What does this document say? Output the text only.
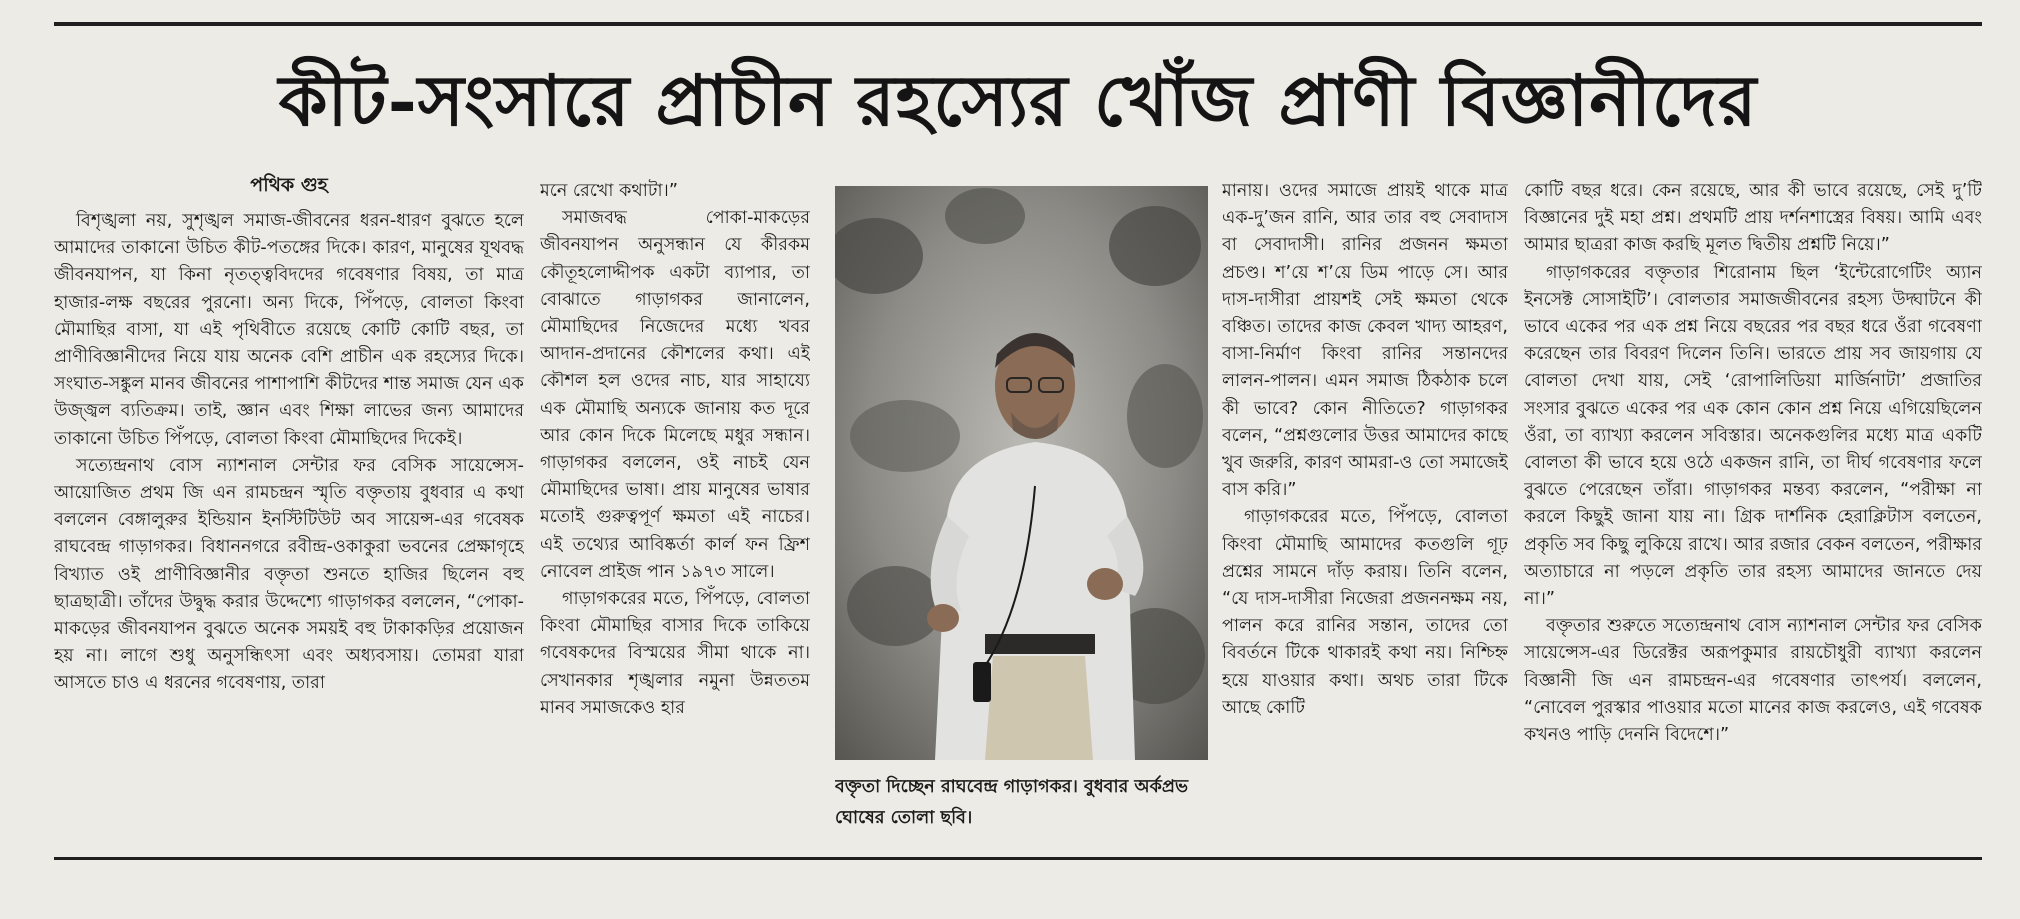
কীট-সংসারে প্রাচীন রহস্যের খোঁজ প্রাণী বিজ্ঞানীদের
পথিক গুহ

বিশৃঙ্খলা নয়, সুশৃঙ্খল সমাজ-জীবনের ধরন-ধারণ বুঝতে হলে আমাদের তাকানো উচিত কীট-পতঙ্গের দিকে। কারণ, মানুষের যূথবদ্ধ জীবনযাপন, যা কিনা নৃতত্ত্ববিদদের গবেষণার বিষয়, তা মাত্র হাজার-লক্ষ বছরের পুরনো। অন্য দিকে, পিঁপড়ে, বোলতা কিংবা মৌমাছির বাসা, যা এই পৃথিবীতে রয়েছে কোটি কোটি বছর, তা প্রাণীবিজ্ঞানীদের নিয়ে যায় অনেক বেশি প্রাচীন এক রহস্যের দিকে। সংঘাত-সঙ্কুল মানব জীবনের পাশাপাশি কীটদের শান্ত সমাজ যেন এক উজ্জ্বল ব্যতিক্রম। তাই, জ্ঞান এবং শিক্ষা লাভের জন্য আমাদের তাকানো উচিত পিঁপড়ে, বোলতা কিংবা মৌমাছিদের দিকেই।

সত্যেন্দ্রনাথ বোস ন্যাশনাল সেন্টার ফর বেসিক সায়েন্সেস-আয়োজিত প্রথম জি এন রামচন্দ্রন স্মৃতি বক্তৃতায় বুধবার এ কথা বললেন বেঙ্গালুরুর ইন্ডিয়ান ইনস্টিটিউট অব সায়েন্স-এর গবেষক রাঘবেন্দ্র গাড়াগকর। বিধাননগরে রবীন্দ্র-ওকাকুরা ভবনের প্রেক্ষাগৃহে বিখ্যাত ওই প্রাণীবিজ্ঞানীর বক্তৃতা শুনতে হাজির ছিলেন বহু ছাত্রছাত্রী। তাঁদের উদ্বুদ্ধ করার উদ্দেশ্যে গাড়াগকর বললেন, “পোকা-মাকড়ের জীবনযাপন বুঝতে অনেক সময়ই বহু টাকাকড়ির প্রয়োজন হয় না। লাগে শুধু অনুসন্ধিৎসা এবং অধ্যবসায়। তোমরা যারা আসতে চাও এ ধরনের গবেষণায়, তারা

মনে রেখো কথাটা।”

সমাজবদ্ধ পোকা-মাকড়ের জীবনযাপন অনুসন্ধান যে কীরকম কৌতূহলোদ্দীপক একটা ব্যাপার, তা বোঝাতে গাড়াগকর জানালেন, মৌমাছিদের নিজেদের মধ্যে খবর আদান-প্রদানের কৌশলের কথা। এই কৌশল হল ওদের নাচ, যার সাহায্যে এক মৌমাছি অন্যকে জানায় কত দূরে আর কোন দিকে মিলেছে মধুর সন্ধান। গাড়াগকর বললেন, ওই নাচই যেন মৌমাছিদের ভাষা। প্রায় মানুষের ভাষার মতোই গুরুত্বপূর্ণ ক্ষমতা এই নাচের। এই তথ্যের আবিষ্কর্তা কার্ল ফন ফ্রিশ নোবেল প্রাইজ পান ১৯৭৩ সালে।

গাড়াগকরের মতে, পিঁপড়ে, বোলতা কিংবা মৌমাছির বাসার দিকে তাকিয়ে গবেষকদের বিস্ময়ের সীমা থাকে না। সেখানকার শৃঙ্খলার নমুনা উন্নততম মানব সমাজকেও হার

বক্তৃতা দিচ্ছেন রাঘবেন্দ্র গাড়াগকর। বুধবার অর্কপ্রভ ঘোষের তোলা ছবি।

মানায়। ওদের সমাজে প্রায়ই থাকে মাত্র এক-দু’জন রানি, আর তার বহু সেবাদাস বা সেবাদাসী। রানির প্রজনন ক্ষমতা প্রচণ্ড। শ’য়ে শ’য়ে ডিম পাড়ে সে। আর দাস-দাসীরা প্রায়শই সেই ক্ষমতা থেকে বঞ্চিত। তাদের কাজ কেবল খাদ্য আহরণ, বাসা-নির্মাণ কিংবা রানির সন্তানদের লালন-পালন। এমন সমাজ ঠিকঠাক চলে কী ভাবে? কোন নীতিতে? গাড়াগকর বলেন, “প্রশ্নগুলোর উত্তর আমাদের কাছে খুব জরুরি, কারণ আমরা-ও তো সমাজেই বাস করি।”

গাড়াগকরের মতে, পিঁপড়ে, বোলতা কিংবা মৌমাছি আমাদের কতগুলি গূঢ় প্রশ্নের সামনে দাঁড় করায়। তিনি বলেন, “যে দাস-দাসীরা নিজেরা প্রজননক্ষম নয়, পালন করে রানির সন্তান, তাদের তো বিবর্তনে টিকে থাকারই কথা নয়। নিশ্চিহ্ন হয়ে যাওয়ার কথা। অথচ তারা টিকে আছে কোটি

কোটি বছর ধরে। কেন রয়েছে, আর কী ভাবে রয়েছে, সেই দু’টি বিজ্ঞানের দুই মহা প্রশ্ন। প্রথমটি প্রায় দর্শনশাস্ত্রের বিষয়। আমি এবং আমার ছাত্ররা কাজ করছি মূলত দ্বিতীয় প্রশ্নটি নিয়ে।”

গাড়াগকরের বক্তৃতার শিরোনাম ছিল ‘ইন্টেরোগেটিং অ্যান ইনসেক্ট সোসাইটি’। বোলতার সমাজজীবনের রহস্য উদ্ঘাটনে কী ভাবে একের পর এক প্রশ্ন নিয়ে বছরের পর বছর ধরে ওঁরা গবেষণা করেছেন তার বিবরণ দিলেন তিনি। ভারতে প্রায় সব জায়গায় যে বোলতা দেখা যায়, সেই ‘রোপালিডিয়া মার্জিনাটা’ প্রজাতির সংসার বুঝতে একের পর এক কোন কোন প্রশ্ন নিয়ে এগিয়েছিলেন ওঁরা, তা ব্যাখ্যা করলেন সবিস্তার। অনেকগুলির মধ্যে মাত্র একটি বোলতা কী ভাবে হয়ে ওঠে একজন রানি, তা দীর্ঘ গবেষণার ফলে বুঝতে পেরেছেন তাঁরা। গাড়াগকর মন্তব্য করলেন, “পরীক্ষা না করলে কিছুই জানা যায় না। গ্রিক দার্শনিক হেরাক্লিটাস বলতেন, প্রকৃতি সব কিছু লুকিয়ে রাখে। আর রজার বেকন বলতেন, পরীক্ষার অত্যাচারে না পড়লে প্রকৃতি তার রহস্য আমাদের জানতে দেয় না।”

বক্তৃতার শুরুতে সত্যেন্দ্রনাথ বোস ন্যাশনাল সেন্টার ফর বেসিক সায়েন্সেস-এর ডিরেক্টর অরূপকুমার রায়চৌধুরী ব্যাখ্যা করলেন বিজ্ঞানী জি এন রামচন্দ্রন-এর গবেষণার তাৎপর্য। বললেন, “নোবেল পুরস্কার পাওয়ার মতো মানের কাজ করলেও, এই গবেষক কখনও পাড়ি দেননি বিদেশে।”
